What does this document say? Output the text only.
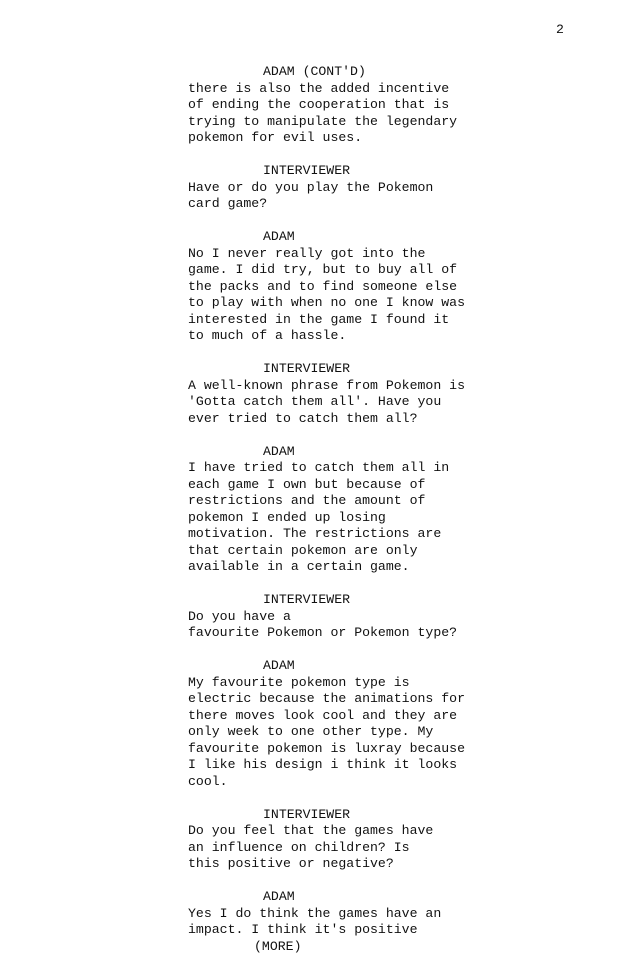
2
ADAM (CONT'D)
there is also the added incentive
of ending the cooperation that is
trying to manipulate the legendary
pokemon for evil uses.
INTERVIEWER
Have or do you play the Pokemon
card game?
ADAM
No I never really got into the
game. I did try, but to buy all of
the packs and to find someone else
to play with when no one I know was
interested in the game I found it
to much of a hassle.
INTERVIEWER
A well-known phrase from Pokemon is
'Gotta catch them all'. Have you
ever tried to catch them all?
ADAM
I have tried to catch them all in
each game I own but because of
restrictions and the amount of
pokemon I ended up losing
motivation. The restrictions are
that certain pokemon are only
available in a certain game.
INTERVIEWER
Do you have a
favourite Pokemon or Pokemon type?
ADAM
My favourite pokemon type is
electric because the animations for
there moves look cool and they are
only week to one other type. My
favourite pokemon is luxray because
I like his design i think it looks
cool.
INTERVIEWER
Do you feel that the games have
an influence on children? Is
this positive or negative?
ADAM
Yes I do think the games have an
impact. I think it's positive
(MORE)
